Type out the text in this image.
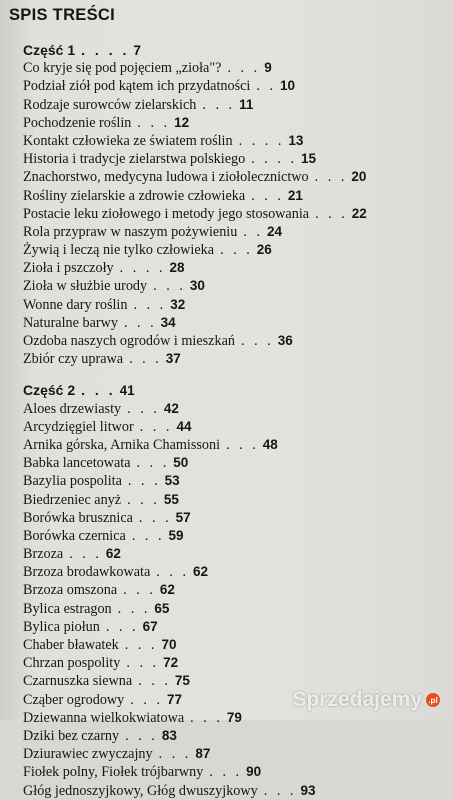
SPIS TREŚCI
Część 1 . . . . 7
Co kryje się pod pojęciem „zioła"? . . . 9
Podział ziół pod kątem ich przydatności . . 10
Rodzaje surowców zielarskich . . . 11
Pochodzenie roślin . . . 12
Kontakt człowieka ze światem roślin . . . . 13
Historia i tradycje zielarstwa polskiego . . . . 15
Znachorstwo, medycyna ludowa i ziołolecznictwo . . . 20
Rośliny zielarskie a zdrowie człowieka . . . 21
Postacie leku ziołowego i metody jego stosowania . . . 22
Rola przypraw w naszym pożywieniu . . 24
Żywią i leczą nie tylko człowieka . . . 26
Zioła i pszczoły . . . . 28
Zioła w służbie urody . . . 30
Wonne dary roślin . . . 32
Naturalne barwy . . . 34
Ozdoba naszych ogrodów i mieszkań . . . 36
Zbiór czy uprawa . . . 37
Część 2 . . . 41
Aloes drzewiasty . . . 42
Arcydzięgiel litwor . . . 44
Arnika górska, Arnika Chamissoni . . . 48
Babka lancetowata . . . 50
Bazylia pospolita . . . 53
Biedrzeniec anyż . . . 55
Borówka brusznica . . . 57
Borówka czernica . . . 59
Brzoza . . . 62
Brzoza brodawkowata . . . 62
Brzoza omszona . . . 62
Bylica estragon . . . 65
Bylica piołun . . . 67
Chaber bławatek . . . 70
Chrzan pospolity . . . 72
Czarnuszka siewna . . . 75
Cząber ogrodowy . . . 77
Dziewanna wielkokwiatowa . . . 79
Dziki bez czarny . . . 83
Dziurawiec zwyczajny . . . 87
Fiołek polny, Fiołek trójbarwny . . . 90
Głóg jednoszyjkowy, Głóg dwuszyjkowy . . . 93
Sprzedajemy .pl
